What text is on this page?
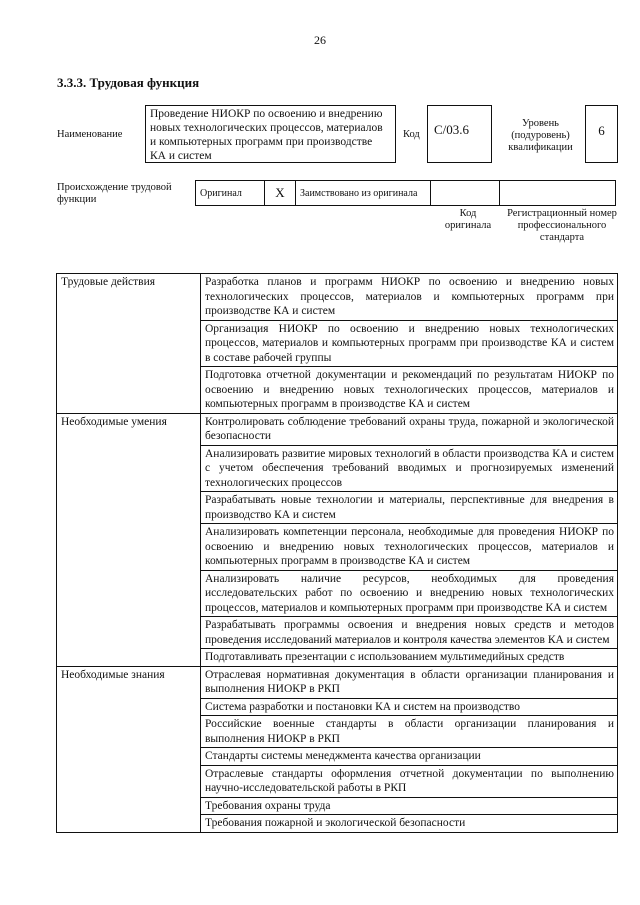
26
3.3.3. Трудовая функция
Наименование
Проведение НИОКР по освоению и внедрению новых технологических процессов, материалов и компьютерных программ при производстве КА и систем
Код	С/03.6	Уровень (подуровень) квалификации
6
Происхождение трудовой функции
Оригинал	X	Заимствовано из оригинала		
Код оригинала
Регистрационный номер профессионального стандарта
Трудовые действия	Разработка планов и программ НИОКР по освоению и внедрению новых технологических процессов, материалов и компьютерных программ при производстве КА и систем
	Организация НИОКР по освоению и внедрению новых технологических процессов, материалов и компьютерных программ при производстве КА и систем в составе рабочей группы
	Подготовка отчетной документации и рекомендаций по результатам НИОКР по освоению и внедрению новых технологических процессов, материалов и компьютерных программ в производстве КА и систем
Необходимые умения	Контролировать соблюдение требований охраны труда, пожарной и экологической безопасности
	Анализировать развитие мировых технологий в области производства КА и систем с учетом обеспечения требований вводимых и прогнозируемых изменений технологических процессов
	Разрабатывать новые технологии и материалы, перспективные для внедрения в производство КА и систем
	Анализировать компетенции персонала, необходимые для проведения НИОКР по освоению и внедрению новых технологических процессов, материалов и компьютерных программ в производстве КА и систем
	Анализировать наличие ресурсов, необходимых для проведения исследовательских работ по освоению и внедрению новых технологических процессов, материалов и компьютерных программ при производстве КА и систем
	Разрабатывать программы освоения и внедрения новых средств и методов проведения исследований материалов и контроля качества элементов КА и систем
	Подготавливать презентации с использованием мультимедийных средств
Необходимые знания	Отраслевая нормативная документация в области организации планирования и выполнения НИОКР в РКП
	Система разработки и постановки КА и систем на производство
	Российские военные стандарты в области организации планирования и выполнения НИОКР в РКП
	Стандарты системы менеджмента качества организации
	Отраслевые стандарты оформления отчетной документации по выполнению научно-исследовательской работы в РКП
	Требования охраны труда
	Требования пожарной и экологической безопасности
